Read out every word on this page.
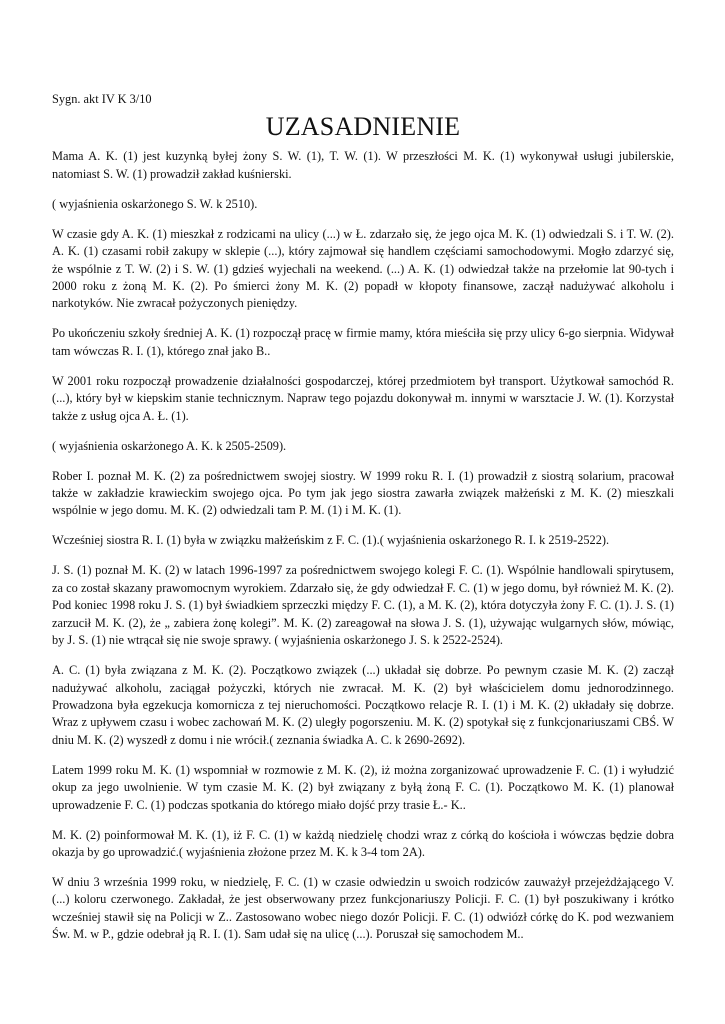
Sygn. akt IV K 3/10
UZASADNIENIE
Mama A. K. (1) jest kuzynką byłej żony S. W. (1), T. W. (1). W przeszłości M. K. (1) wykonywał usługi jubilerskie, natomiast S. W. (1) prowadził zakład kuśnierski.
( wyjaśnienia oskarżonego S. W. k 2510).
W czasie gdy A. K. (1) mieszkał z rodzicami na ulicy (...) w Ł. zdarzało się, że jego ojca M. K. (1) odwiedzali S. i T. W. (2). A. K. (1) czasami robił zakupy w sklepie (...), który zajmował się handlem częściami samochodowymi. Mogło zdarzyć się, że wspólnie z T. W. (2) i S. W. (1) gdzieś wyjechali na weekend. (...) A. K. (1) odwiedzał także na przełomie lat 90-tych i 2000 roku z żoną M. K. (2). Po śmierci żony M. K. (2) popadł w kłopoty finansowe, zaczął nadużywać alkoholu i narkotyków. Nie zwracał pożyczonych pieniędzy.
Po ukończeniu szkoły średniej A. K. (1) rozpoczął pracę w firmie mamy, która mieściła się przy ulicy 6-go sierpnia. Widywał tam wówczas R. I. (1), którego znał jako B..
W 2001 roku rozpoczął prowadzenie działalności gospodarczej, której przedmiotem był transport. Użytkował samochód R. (...), który był w kiepskim stanie technicznym. Napraw tego pojazdu dokonywał m. innymi w warsztacie J. W. (1). Korzystał także z usług ojca A. Ł. (1).
( wyjaśnienia oskarżonego A. K. k 2505-2509).
Rober I. poznał M. K. (2) za pośrednictwem swojej siostry. W 1999 roku R. I. (1) prowadził z siostrą solarium, pracował także w zakładzie krawieckim swojego ojca. Po tym jak jego siostra zawarła związek małżeński z M. K. (2) mieszkali wspólnie w jego domu. M. K. (2) odwiedzali tam P. M. (1) i M. K. (1).
Wcześniej siostra R. I. (1) była w związku małżeńskim z F. C. (1).( wyjaśnienia oskarżonego R. I. k 2519-2522).
J. S. (1) poznał M. K. (2) w latach 1996-1997 za pośrednictwem swojego kolegi F. C. (1). Wspólnie handlowali spirytusem, za co został skazany prawomocnym wyrokiem. Zdarzało się, że gdy odwiedzał F. C. (1) w jego domu, był również M. K. (2). Pod koniec 1998 roku J. S. (1) był świadkiem sprzeczki między F. C. (1), a M. K. (2), która dotyczyła żony F. C. (1). J. S. (1) zarzucił M. K. (2), że „ zabiera żonę kolegi”. M. K. (2) zareagował na słowa J. S. (1), używając wulgarnych słów, mówiąc, by J. S. (1) nie wtrącał się nie swoje sprawy. ( wyjaśnienia oskarżonego J. S. k 2522-2524).
A. C. (1) była związana z M. K. (2). Początkowo związek (...) układał się dobrze. Po pewnym czasie M. K. (2) zaczął nadużywać alkoholu, zaciągał pożyczki, których nie zwracał. M. K. (2) był właścicielem domu jednorodzinnego. Prowadzona była egzekucja komornicza z tej nieruchomości. Początkowo relacje R. I. (1) i M. K. (2) układały się dobrze. Wraz z upływem czasu i wobec zachowań M. K. (2) uległy pogorszeniu. M. K. (2) spotykał się z funkcjonariuszami CBŚ. W dniu M. K. (2) wyszedł z domu i nie wrócił.( zeznania świadka A. C. k 2690-2692).
Latem 1999 roku M. K. (1) wspomniał w rozmowie z M. K. (2), iż można zorganizować uprowadzenie F. C. (1) i wyłudzić okup za jego uwolnienie. W tym czasie M. K. (2) był związany z byłą żoną F. C. (1). Początkowo M. K. (1) planował uprowadzenie F. C. (1) podczas spotkania do którego miało dojść przy trasie Ł.- K..
M. K. (2) poinformował M. K. (1), iż F. C. (1) w każdą niedzielę chodzi wraz z córką do kościoła i wówczas będzie dobra okazja by go uprowadzić.( wyjaśnienia złożone przez M. K. k 3-4 tom 2A).
W dniu 3 września 1999 roku, w niedzielę, F. C. (1) w czasie odwiedzin u swoich rodziców zauważył przejeżdżającego V. (...) koloru czerwonego. Zakładał, że jest obserwowany przez funkcjonariuszy Policji. F. C. (1) był poszukiwany i krótko wcześniej stawił się na Policji w Z.. Zastosowano wobec niego dozór Policji. F. C. (1) odwiózł córkę do K. pod wezwaniem Św. M. w P., gdzie odebrał ją R. I. (1). Sam udał się na ulicę (...). Poruszał się samochodem M..
